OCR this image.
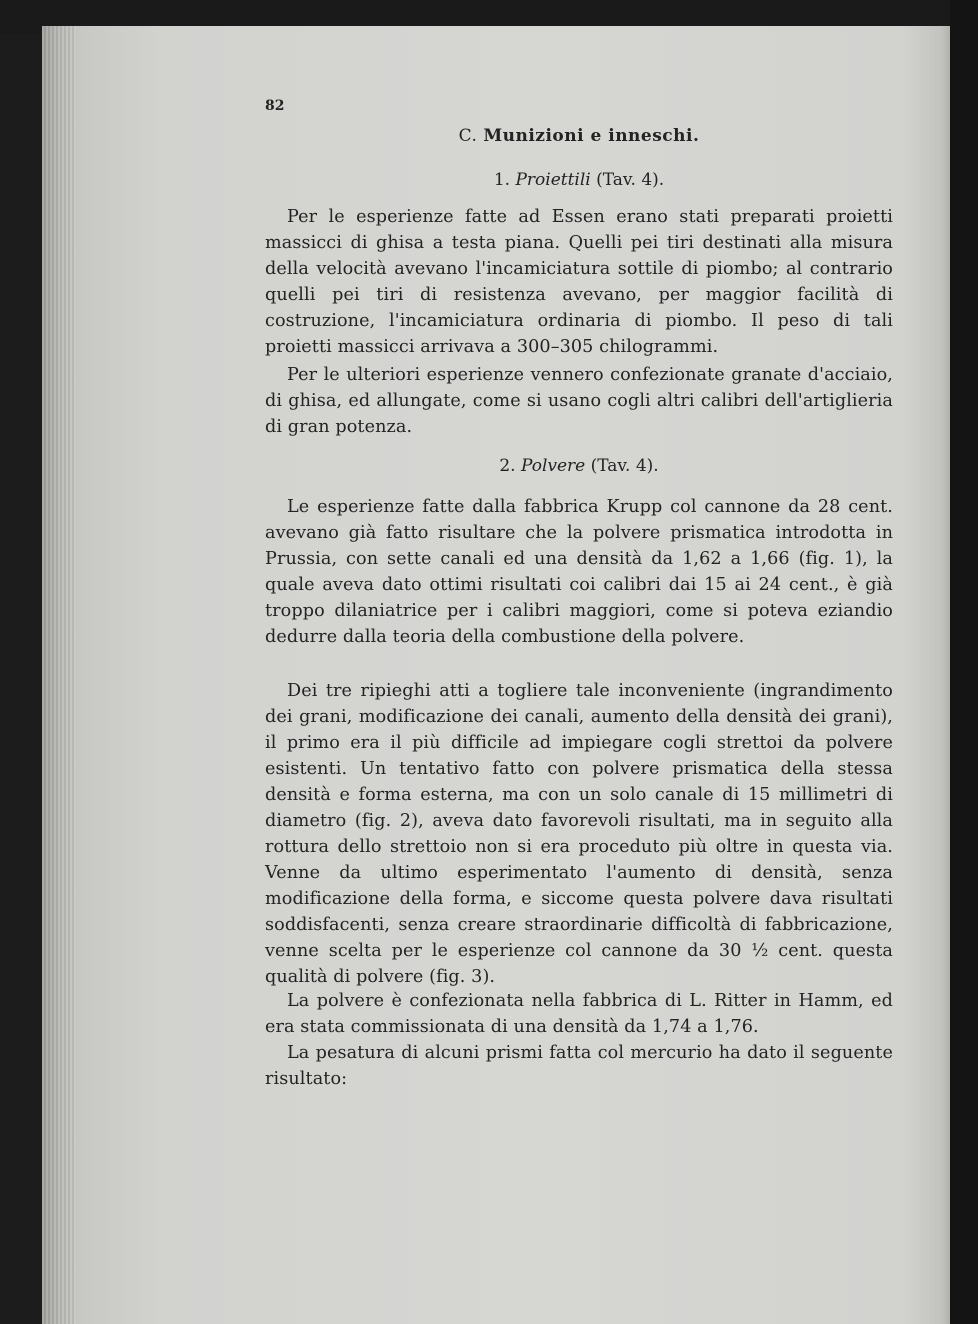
82
C. Munizioni e inneschi.
1. Proiettili (Tav. 4).

Per le esperienze fatte ad Essen erano stati preparati proietti massicci di ghisa a testa piana. Quelli pei tiri destinati alla misura della velocità avevano l'incamiciatura sottile di piombo; al contrario quelli pei tiri di resistenza avevano, per maggior facilità di costruzione, l'incamiciatura ordinaria di piombo. Il peso di tali proietti massicci arrivava a 300–305 chilogrammi.

Per le ulteriori esperienze vennero confezionate granate d'acciaio, di ghisa, ed allungate, come si usano cogli altri calibri dell'artiglieria di gran potenza.

2. Polvere (Tav. 4).

Le esperienze fatte dalla fabbrica Krupp col cannone da 28 cent. avevano già fatto risultare che la polvere prismatica introdotta in Prussia, con sette canali ed una densità da 1,62 a 1,66 (fig. 1), la quale aveva dato ottimi risultati coi calibri dai 15 ai 24 cent., è già troppo dilaniatrice per i calibri maggiori, come si poteva eziandio dedurre dalla teoria della combustione della polvere.

Dei tre ripieghi atti a togliere tale inconveniente (ingrandimento dei grani, modificazione dei canali, aumento della densità dei grani), il primo era il più difficile ad impiegare cogli strettoi da polvere esistenti. Un tentativo fatto con polvere prismatica della stessa densità e forma esterna, ma con un solo canale di 15 millimetri di diametro (fig. 2), aveva dato favorevoli risultati, ma in seguito alla rottura dello strettoio non si era proceduto più oltre in questa via. Venne da ultimo esperimentato l'aumento di densità, senza modificazione della forma, e siccome questa polvere dava risultati soddisfacenti, senza creare straordinarie difficoltà di fabbricazione, venne scelta per le esperienze col cannone da 30 ½ cent. questa qualità di polvere (fig. 3).

La polvere è confezionata nella fabbrica di L. Ritter in Hamm, ed era stata commissionata di una densità da 1,74 a 1,76.

La pesatura di alcuni prismi fatta col mercurio ha dato il seguente risultato:
